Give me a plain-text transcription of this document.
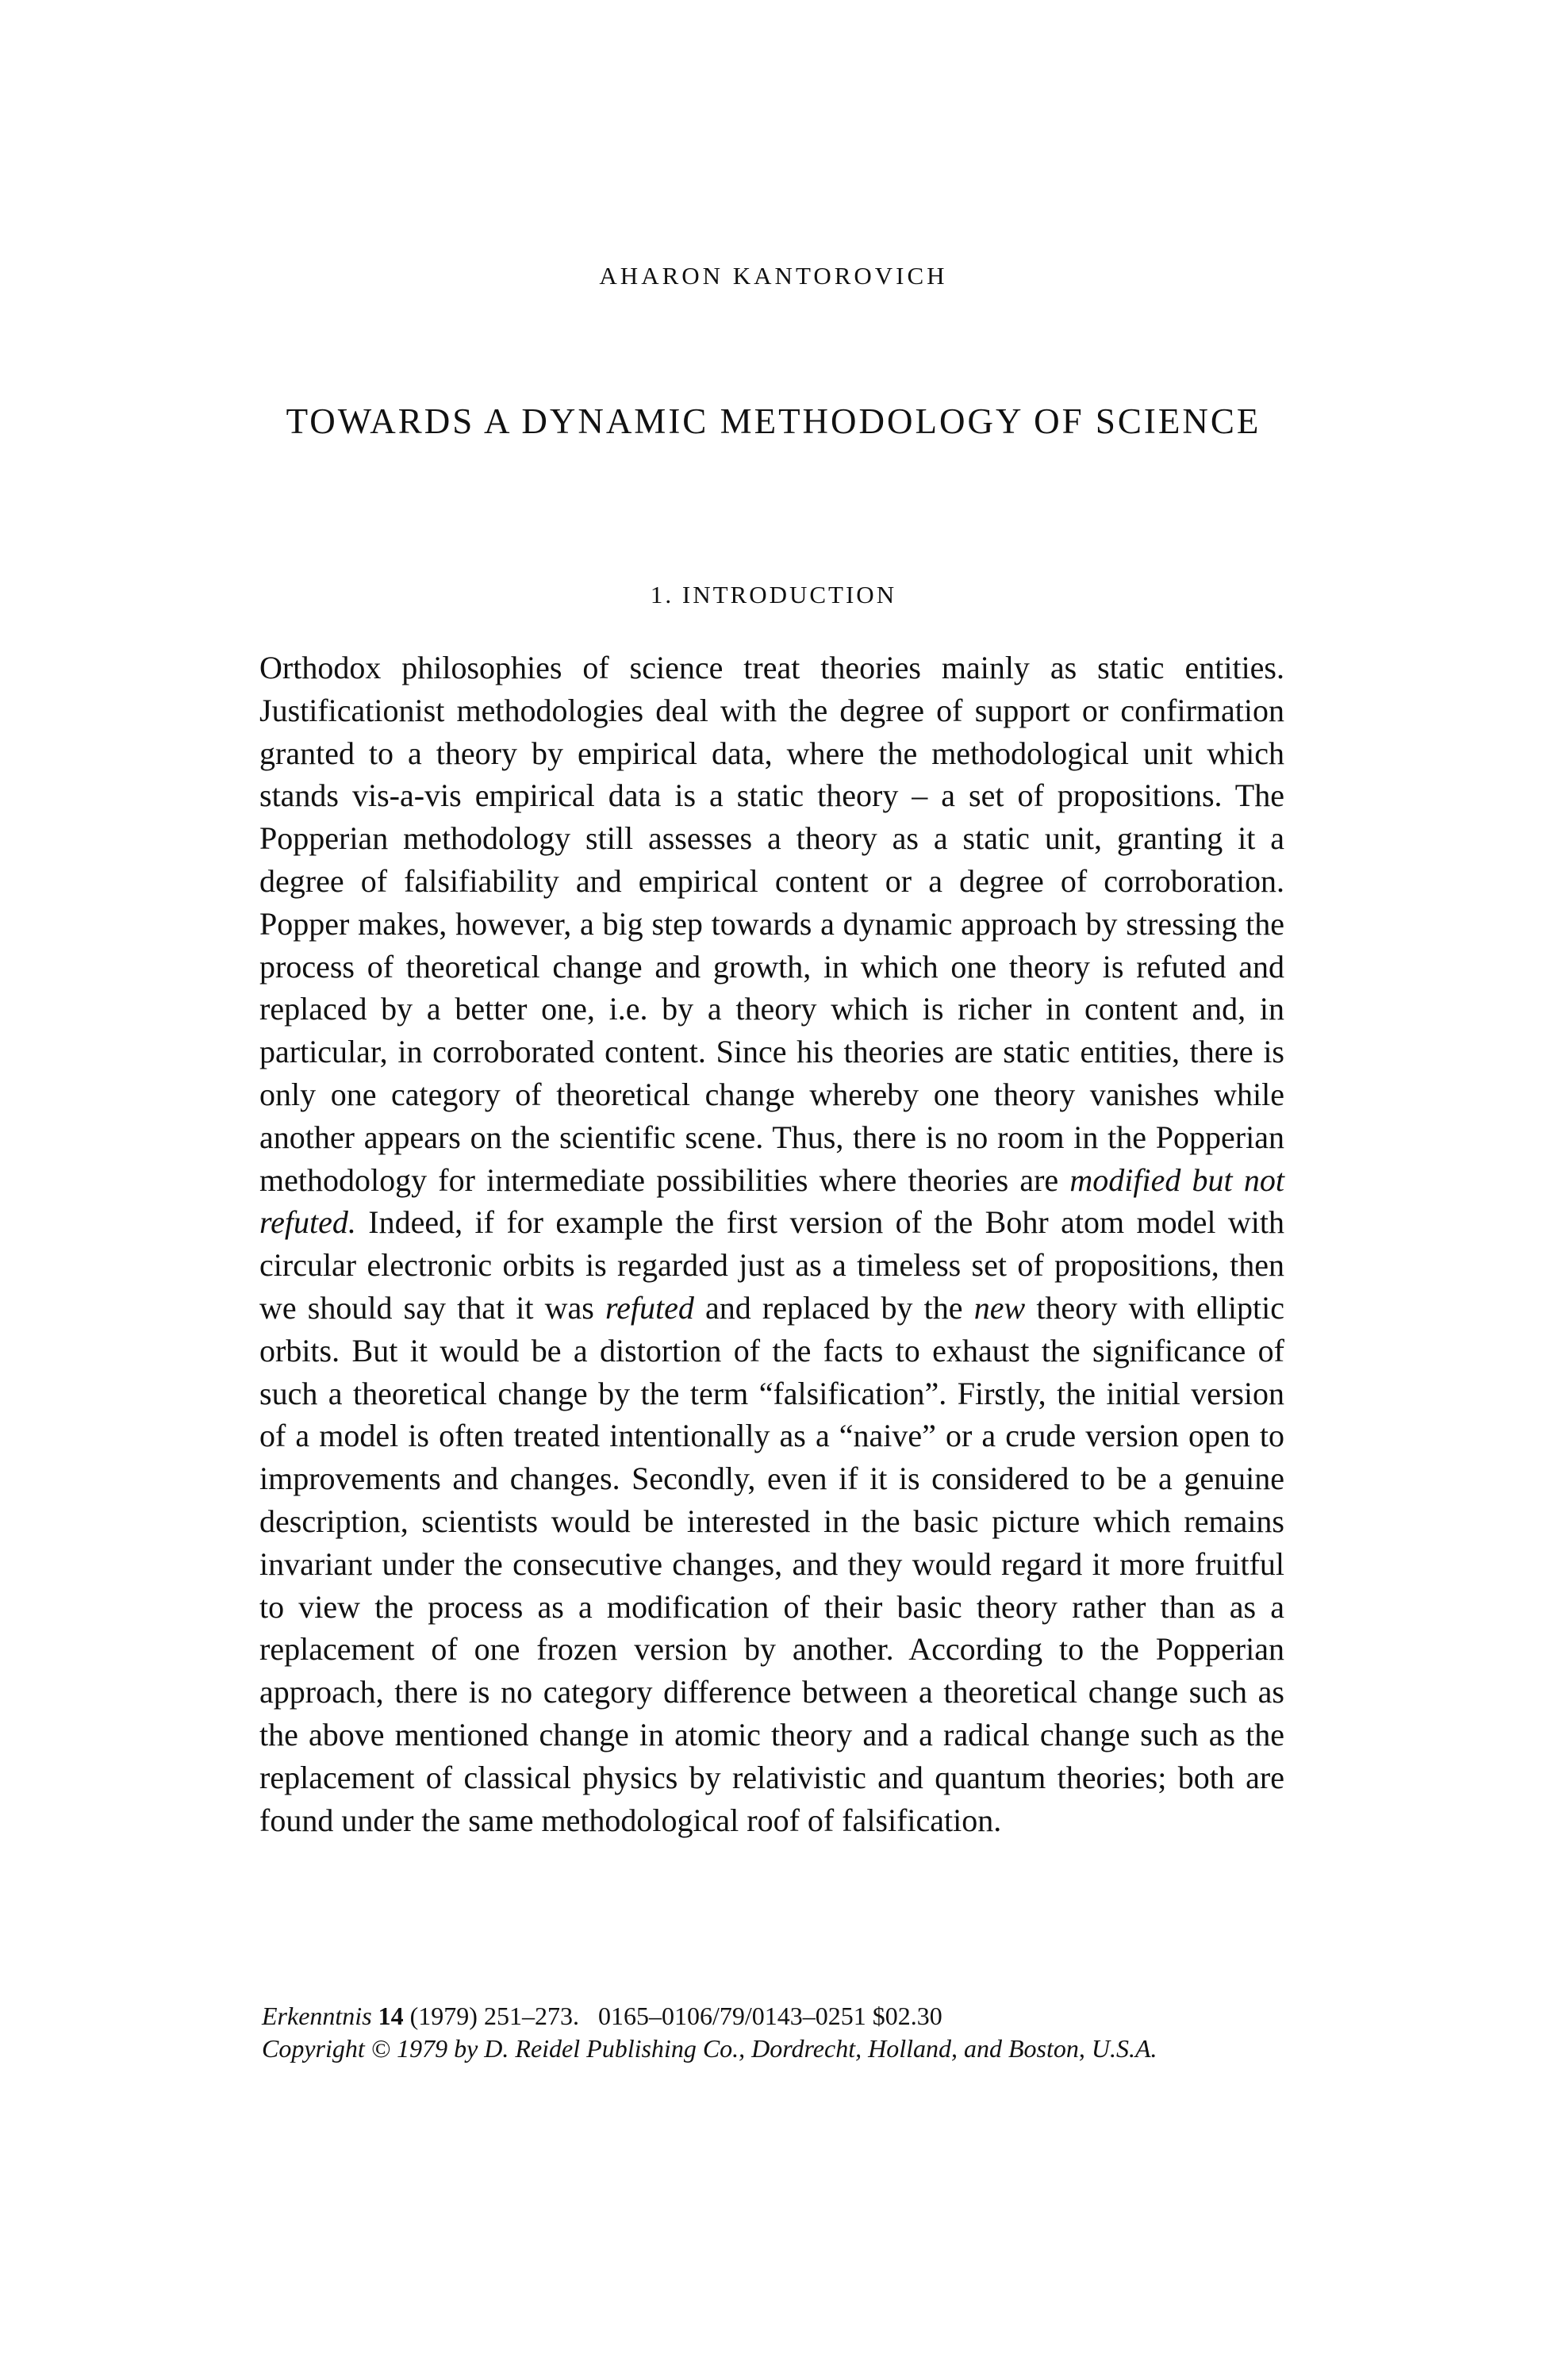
AHARON KANTOROVICH
TOWARDS A DYNAMIC METHODOLOGY OF SCIENCE
1. INTRODUCTION

Orthodox philosophies of science treat theories mainly as static entities. Justificationist methodologies deal with the degree of support or confirmation granted to a theory by empirical data, where the methodological unit which stands vis-a-vis empirical data is a static theory – a set of propositions. The Popperian methodology still assesses a theory as a static unit, granting it a degree of falsifiability and empirical content or a degree of corroboration. Popper makes, however, a big step towards a dynamic approach by stressing the process of theoretical change and growth, in which one theory is refuted and replaced by a better one, i.e. by a theory which is richer in content and, in particular, in corroborated content. Since his theories are static entities, there is only one category of theoretical change whereby one theory vanishes while another appears on the scientific scene. Thus, there is no room in the Popperian methodology for intermediate possibilities where theories are modified but not refuted. Indeed, if for example the first version of the Bohr atom model with circular electronic orbits is regarded just as a timeless set of propositions, then we should say that it was refuted and replaced by the new theory with elliptic orbits. But it would be a distortion of the facts to exhaust the significance of such a theoretical change by the term “falsification”. Firstly, the initial version of a model is often treated intentionally as a “naive” or a crude version open to improvements and changes. Secondly, even if it is considered to be a genuine description, scientists would be interested in the basic picture which remains invariant under the consecutive changes, and they would regard it more fruitful to view the process as a modification of their basic theory rather than as a replacement of one frozen version by another. According to the Popperian approach, there is no category difference between a theoretical change such as the above mentioned change in atomic theory and a radical change such as the replacement of classical physics by relativistic and quantum theories; both are found under the same methodological roof of falsification.

Erkenntnis 14 (1979) 251–273. 0165–0106/79/0143–0251 $02.30
Copyright © 1979 by D. Reidel Publishing Co., Dordrecht, Holland, and Boston, U.S.A.
